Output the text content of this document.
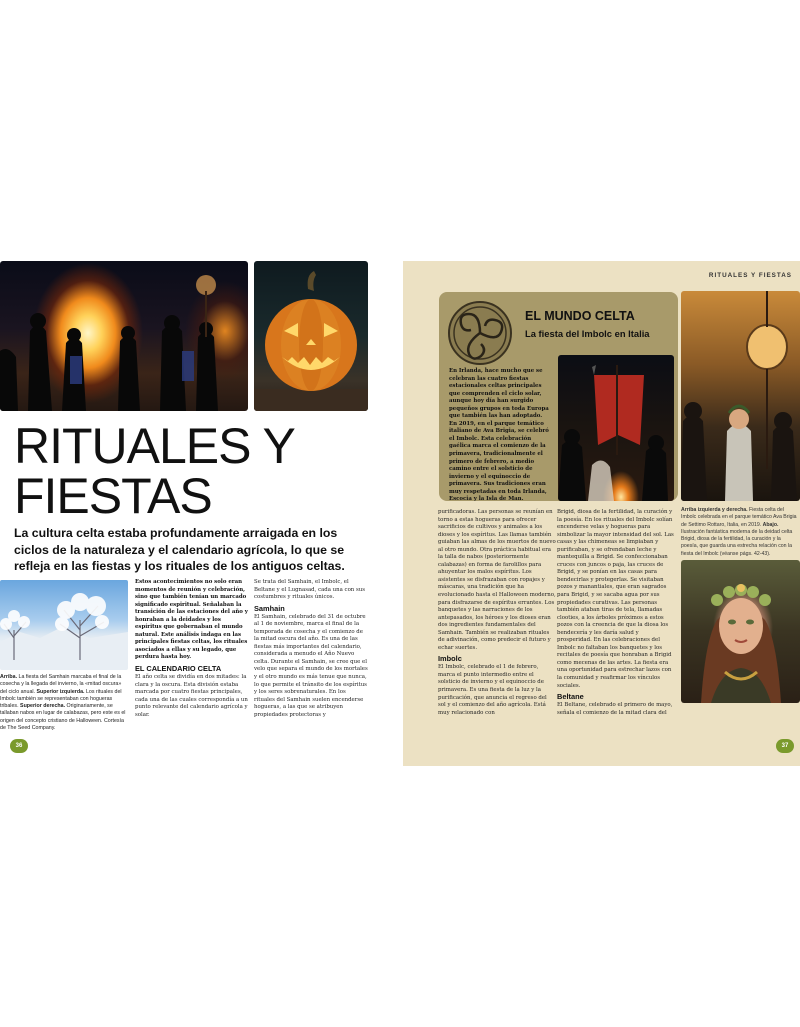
RITUALES Y
FIESTAS
La cultura celta estaba profundamente arraigada en los ciclos de la naturaleza y el calendario agrícola, lo que se refleja en las fiestas y los rituales de los antiguos celtas.
Arriba. La fiesta del Samhain marcaba el final de la cosecha y la llegada del invierno, la «mitad oscura» del ciclo anual. Superior izquierda. Los rituales del Imbolc también se representaban con hogueras tribales. Superior derecha. Originariamente, se tallaban nabos en lugar de calabazas, pero este es el origen del concepto cristiano de Halloween. Cortesía de The Seed Company.
Estos acontecimientos no solo eran momentos de reunión y celebración, sino que también tenían un marcado significado espiritual. Señalaban la transición de las estaciones del año y honraban a la deidades y los espíritus que gobernaban el mundo natural. Este análisis indaga en las principales fiestas celtas, los rituales asociados a ellas y su legado, que perdura hasta hoy.
EL CALENDARIO CELTA
El año celta se dividía en dos mitades: la clara y la oscura. Esta división estaba marcada por cuatro fiestas principales, cada una de las cuales correspondía a un punto relevante del calendario agrícola y solar.
Se trata del Samhain, el Imbolc, el Beltane y el Lugnasad, cada una con sus costumbres y rituales únicos.
Samhain
El Samhain, celebrado del 31 de octubre al 1 de noviembre, marca el final de la temporada de cosecha y el comienzo de la mitad oscura del año. Es una de las fiestas más importantes del calendario, considerada a menudo el Año Nuevo celta. Durante el Samhain, se cree que el velo que separa el mundo de los mortales y el otro mundo es más tenue que nunca, lo que permite el tránsito de los espíritus y los seres sobrenaturales. En los rituales del Samhain suelen encenderse hogueras, a las que se atribuyen propiedades protectoras y
36
RITUALES Y FIESTAS
EL MUNDO CELTA
La fiesta del Imbolc en Italia
En Irlanda, hace mucho que se celebran las cuatro fiestas estacionales celtas principales que comprenden el ciclo solar, aunque hoy día han surgido pequeños grupos en toda Europa que también las han adoptado. En 2019, en el parque temático italiano de Ava Brigia, se celebró el Imbolc. Esta celebración gaélica marca el comienzo de la primavera, tradicionalmente el primero de febrero, a medio camino entre el solsticio de invierno y el equinoccio de primavera. Sus tradiciones eran muy respetadas en toda Irlanda, Escocia y la Isla de Man.
Arriba izquierda y derecha. Fiesta celta del Imbolc celebrada en el parque temático Ava Brigia de Settimo Rottaro, Italia, en 2019. Abajo. Ilustración fantástica moderna de la deidad celta Brigid, diosa de la fertilidad, la curación y la poesía, que guarda una estrecha relación con la fiesta del Imbolc (véanse págs. 42-43).
purificadoras. Las personas se reunían en torno a estas hogueras para ofrecer sacrificios de cultivos y animales a los dioses y los espíritus. Las llamas también guiaban las almas de los muertos de nuevo al otro mundo. Otra práctica habitual era la talla de nabos (posteriormente calabazas) en forma de farolillos para ahuyentar los malos espíritus. Los asistentes se disfrazaban con ropajes y máscaras, una tradición que ha evolucionado hasta el Halloween moderno, para disfrazarse de espíritus errantes. Los banquetes y las narraciones de los antepasados, los héroes y los dioses eran dos ingredientes fundamentales del Samhain. También se realizaban rituales de adivinación, como predecir el futuro y echar suertes.
Imbolc
El Imbolc, celebrado el 1 de febrero, marca el punto intermedio entre el solsticio de invierno y el equinoccio de primavera. Es una fiesta de la luz y la purificación, que anuncia el regreso del sol y el comienzo del año agrícola. Está muy relacionado con
Brigid, diosa de la fertilidad, la curación y la poesía. En los rituales del Imbolc solían encenderse velas y hogueras para simbolizar la mayor intensidad del sol. Las casas y las chimeneas se limpiaban y purificaban, y se ofrendaban leche y mantequilla a Brigid. Se confeccionaban cruces con juncos o paja, las cruces de Brigid, y se ponían en las casas para bendecirlas y protegerlas. Se visitaban pozos y manantiales, que eran sagrados para Brigid, y se sacaba agua por sus propiedades curativas. Las personas también ataban tiras de tela, llamadas clooties, a los árboles próximos a estos pozos con la creencia de que la diosa los bendecería y les daría salud y prosperidad. En las celebraciones del Imbolc no faltaban los banquetes y los recitales de poesía que honraban a Brigid como mecenas de las artes. La fiesta era una oportunidad para estrechar lazos con la comunidad y reafirmar los vínculos sociales.
Beltane
El Beltane, celebrado el primero de mayo, señala el comienzo de la mitad clara del
37
